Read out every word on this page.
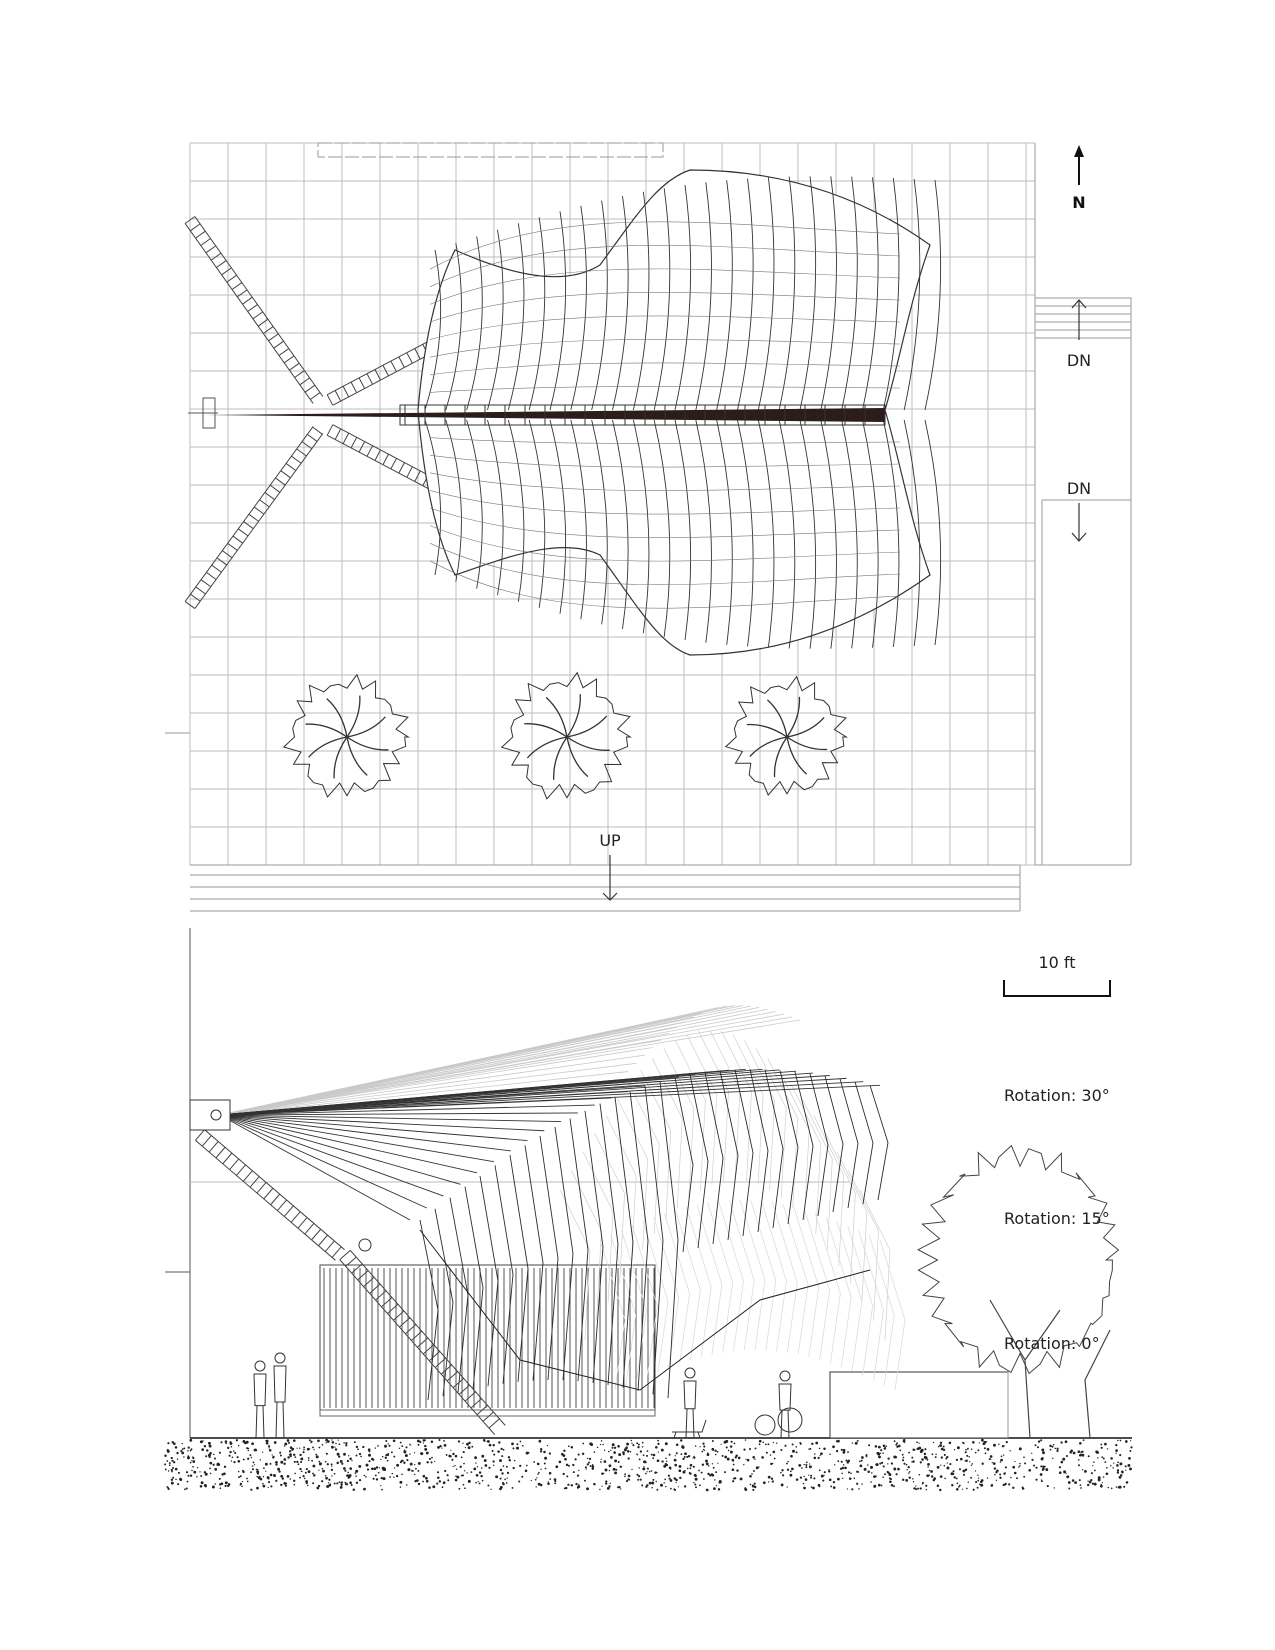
N
DN
DN
UP
10 ft
Rotation: 30°
Rotation: 15°
Rotation: 0°
